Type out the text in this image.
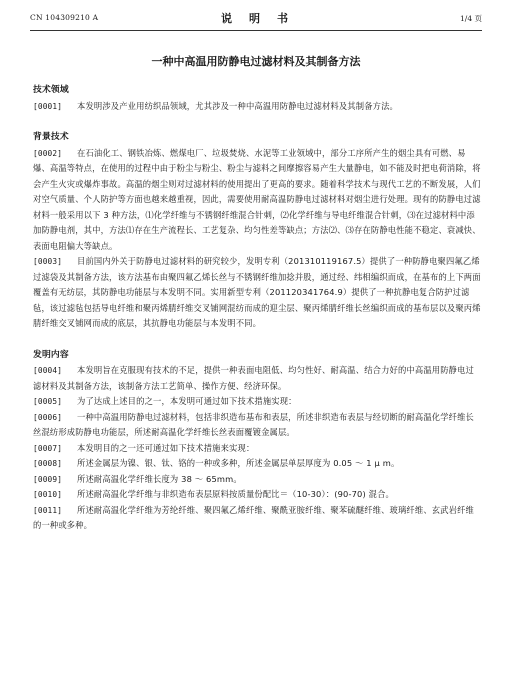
CN 104309210 A	说　明　书	1/4 页
一种中高温用防静电过滤材料及其制备方法
技术领域
[0001] 本发明涉及产业用纺织品领域，尤其涉及一种中高温用防静电过滤材料及其制备方法。
背景技术
[0002] 在石油化工、钢铁冶炼、燃煤电厂、垃圾焚烧、水泥等工业领域中，部分工序所产生的烟尘具有可燃、易爆、高温等特点，在使用的过程中由于粉尘与粉尘、粉尘与滤料之间摩擦容易产生大量静电，如不能及时把电荷消除，将会产生火灾或爆炸事故。高温的烟尘则对过滤材料的使用提出了更高的要求。随着科学技术与现代工艺的不断发展，人们对空气质量、个人防护等方面也越来越重视，因此，需要使用耐高温防静电过滤材料对烟尘进行处理。现有的防静电过滤材料一般采用以下 3 种方法，⑴化学纤维与不锈钢纤维混合针刺，⑵化学纤维与导电纤维混合针刺，⑶在过滤材料中添加防静电剂，其中，方法⑴存在生产流程长、工艺复杂、均匀性差等缺点；方法⑵、⑶存在防静电性能不稳定、衰减快、表面电阻偏大等缺点。
[0003] 目前国内外关于防静电过滤材料的研究较少，发明专利（201310119167.5）提供了一种防静电聚四氟乙烯过滤袋及其制备方法，该方法基布由聚四氟乙烯长丝与不锈钢纤维加捻并股，通过经、纬相编织而成，在基布的上下两面覆盖有无纺层，其防静电功能层与本发明不同。实用新型专利（201120341764.9）提供了一种抗静电复合防护过滤毡，该过滤毡包括导电纤维和聚丙烯腈纤维交叉铺网混纺而成的迎尘层、聚丙烯腈纤维长丝编织而成的基布层以及聚丙烯腈纤维交叉铺网而成的底层，其抗静电功能层与本发明不同。
发明内容
[0004] 本发明旨在克服现有技术的不足，提供一种表面电阻低、均匀性好、耐高温、结合力好的中高温用防静电过滤材料及其制备方法，该制备方法工艺简单、操作方便、经济环保。
[0005] 为了达成上述目的之一，本发明可通过如下技术措施实现：
[0006] 一种中高温用防静电过滤材料，包括非织造布基布和表层，所述非织造布表层与经切断的耐高温化学纤维长丝混纺形成防静电功能层，所述耐高温化学纤维长丝表面覆镀金属层。
[0007] 本发明目的之一还可通过如下技术措施来实现：
[0008] 所述金属层为镍、银、钛、铬的一种或多种，所述金属层单层厚度为 0.05 ～ 1 μ m。
[0009] 所述耐高温化学纤维长度为 38 ～ 65mm。
[0010] 所述耐高温化学纤维与非织造布表层原料按质量份配比＝（10-30）：(90-70) 混合。
[0011] 所述耐高温化学纤维为芳纶纤维、聚四氟乙烯纤维、聚酰亚胺纤维、聚苯硫醚纤维、玻璃纤维、玄武岩纤维的一种或多种。
